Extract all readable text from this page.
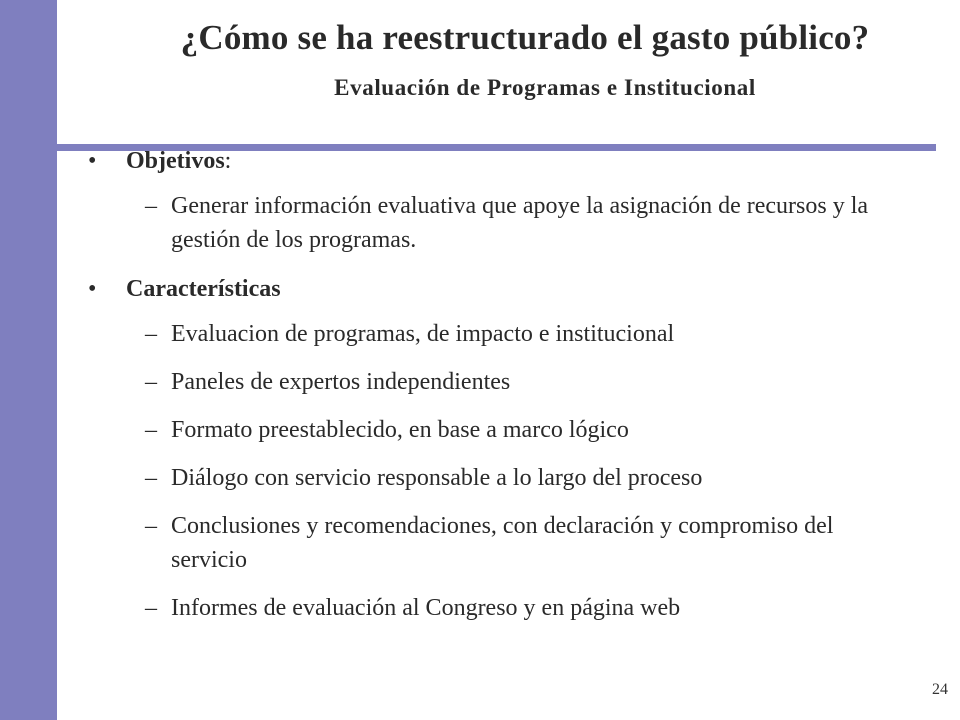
¿Cómo se ha reestructurado el gasto público?
Evaluación de Programas e Institucional
• Objetivos:
– Generar información evaluativa que apoye la asignación de recursos y la gestión de los programas.
• Características
– Evaluacion de programas, de impacto e institucional
– Paneles de expertos independientes
– Formato preestablecido, en base a marco lógico
– Diálogo con servicio responsable a lo largo del proceso
– Conclusiones y recomendaciones, con declaración y compromiso del servicio
– Informes de evaluación al Congreso y en página web
24
